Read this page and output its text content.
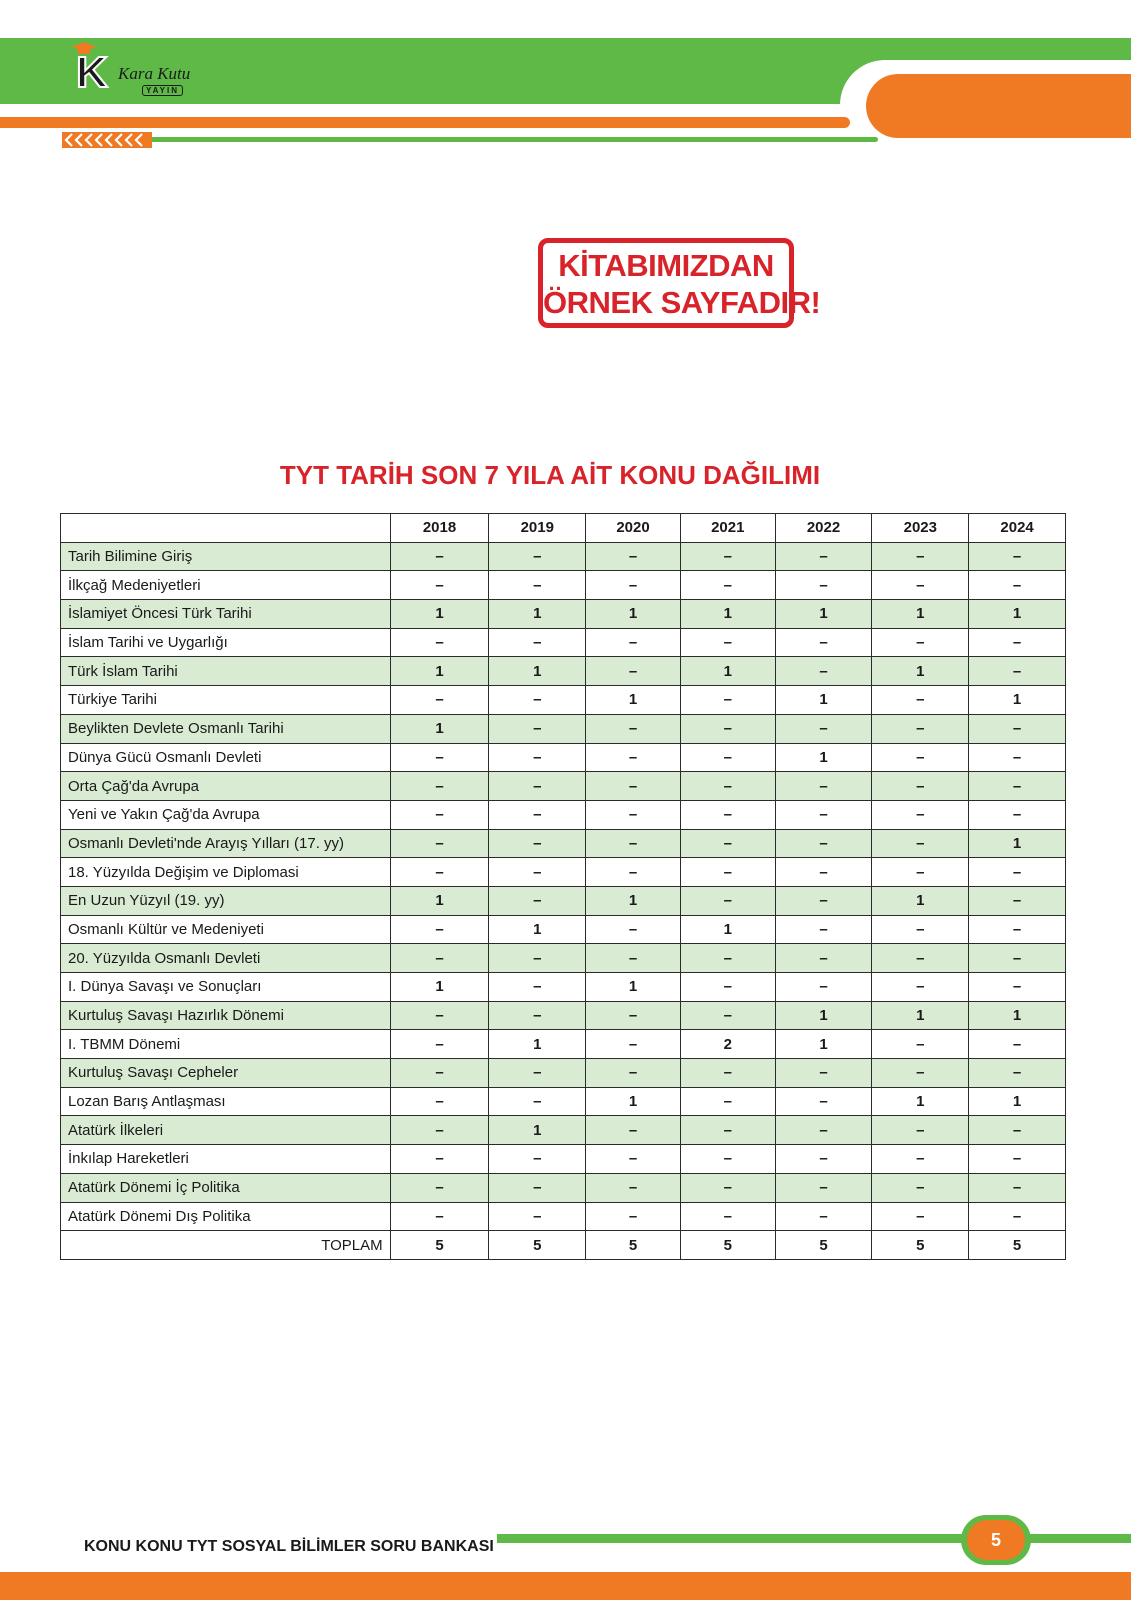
K Kara Kutu
YAYIN
KİTABIMIZDAN
ÖRNEK SAYFADIR!
TYT TARİH SON 7 YILA AİT KONU DAĞILIMI
	2018	2019	2020	2021	2022	2023	2024
Tarih Bilimine Giriş	–	–	–	–	–	–	–
İlkçağ Medeniyetleri	–	–	–	–	–	–	–
İslamiyet Öncesi Türk Tarihi	1	1	1	1	1	1	1
İslam Tarihi ve Uygarlığı	–	–	–	–	–	–	–
Türk İslam Tarihi	1	1	–	1	–	1	–
Türkiye Tarihi	–	–	1	–	1	–	1
Beylikten Devlete Osmanlı Tarihi	1	–	–	–	–	–	–
Dünya Gücü Osmanlı Devleti	–	–	–	–	1	–	–
Orta Çağ'da Avrupa	–	–	–	–	–	–	–
Yeni ve Yakın Çağ'da Avrupa	–	–	–	–	–	–	–
Osmanlı Devleti'nde Arayış Yılları (17. yy)	–	–	–	–	–	–	1
18. Yüzyılda Değişim ve Diplomasi	–	–	–	–	–	–	–
En Uzun Yüzyıl (19. yy)	1	–	1	–	–	1	–
Osmanlı Kültür ve Medeniyeti	–	1	–	1	–	–	–
20. Yüzyılda Osmanlı Devleti	–	–	–	–	–	–	–
I. Dünya Savaşı ve Sonuçları	1	–	1	–	–	–	–
Kurtuluş Savaşı Hazırlık Dönemi	–	–	–	–	1	1	1
I. TBMM Dönemi	–	1	–	2	1	–	–
Kurtuluş Savaşı Cepheler	–	–	–	–	–	–	–
Lozan Barış Antlaşması	–	–	1	–	–	1	1
Atatürk İlkeleri	–	1	–	–	–	–	–
İnkılap Hareketleri	–	–	–	–	–	–	–
Atatürk Dönemi İç Politika	–	–	–	–	–	–	–
Atatürk Dönemi Dış Politika	–	–	–	–	–	–	–
TOPLAM	5	5	5	5	5	5	5
KONU KONU TYT SOSYAL BİLİMLER SORU BANKASI	5
